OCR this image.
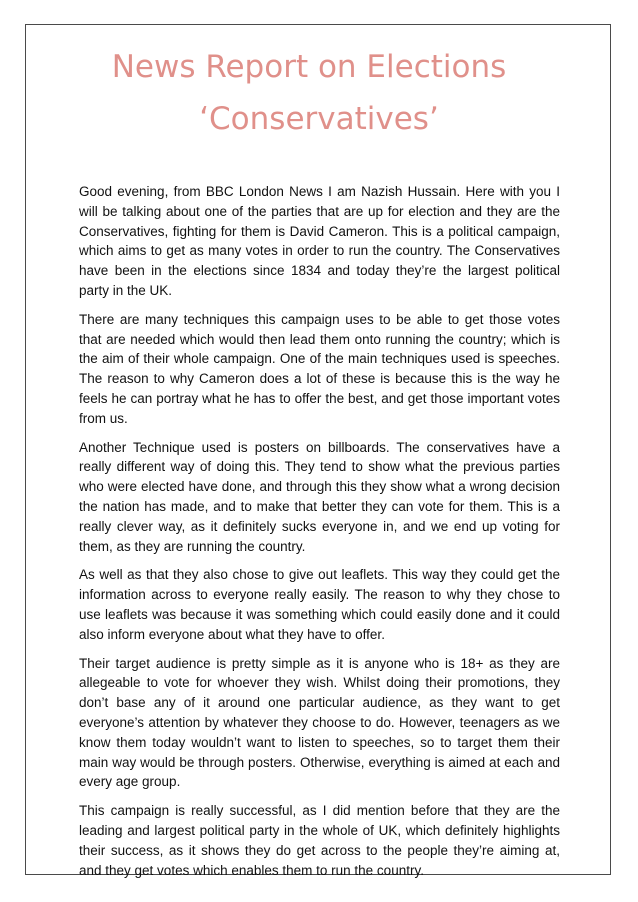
News Report on Elections
‘Conservatives’

Good evening, from BBC London News I am Nazish Hussain. Here with you I will be talking about one of the parties that are up for election and they are the Conservatives, fighting for them is David Cameron. This is a political campaign, which aims to get as many votes in order to run the country. The Conservatives have been in the elections since 1834 and today they’re the largest political party in the UK.

There are many techniques this campaign uses to be able to get those votes that are needed which would then lead them onto running the country; which is the aim of their whole campaign. One of the main techniques used is speeches. The reason to why Cameron does a lot of these is because this is the way he feels he can portray what he has to offer the best, and get those important votes from us.

Another Technique used is posters on billboards. The conservatives have a really different way of doing this. They tend to show what the previous parties who were elected have done, and through this they show what a wrong decision the nation has made, and to make that better they can vote for them. This is a really clever way, as it definitely sucks everyone in, and we end up voting for them, as they are running the country.

As well as that they also chose to give out leaflets. This way they could get the information across to everyone really easily. The reason to why they chose to use leaflets was because it was something which could easily done and it could also inform everyone about what they have to offer.

Their target audience is pretty simple as it is anyone who is 18+ as they are allegeable to vote for whoever they wish. Whilst doing their promotions, they don’t base any of it around one particular audience, as they want to get everyone’s attention by whatever they choose to do. However, teenagers as we know them today wouldn’t want to listen to speeches, so to target them their main way would be through posters. Otherwise, everything is aimed at each and every age group.

This campaign is really successful, as I did mention before that they are the leading and largest political party in the whole of UK, which definitely highlights their success, as it shows they do get across to the people they’re aiming at, and they get votes which enables them to run the country.
